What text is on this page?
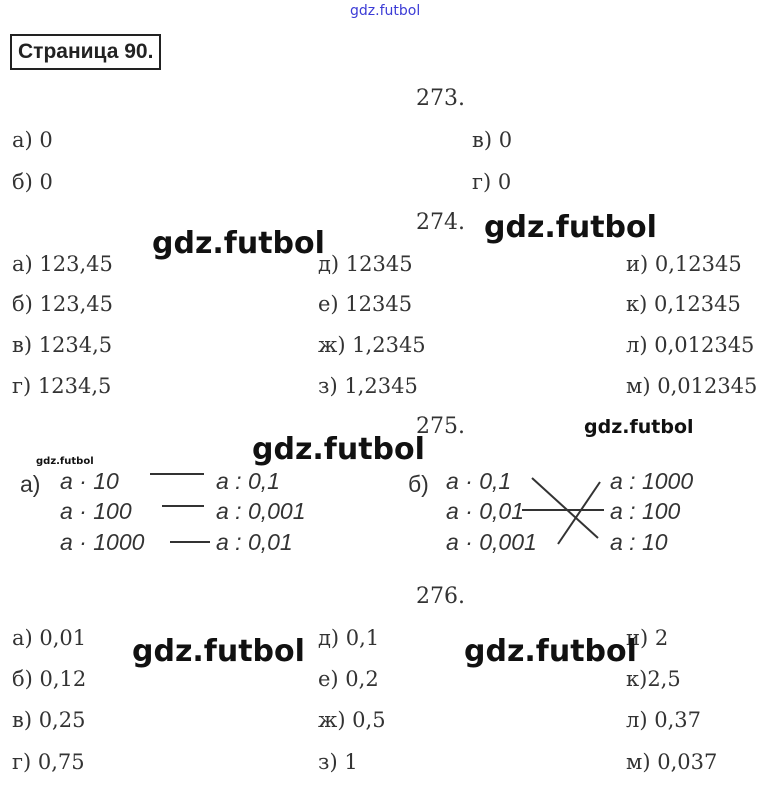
gdz.futbol
Страница 90.
273.
а) 0
б) 0
в) 0
г) 0
274.
а) 123,45
б) 123,45
в) 1234,5
г) 1234,5
д) 12345
е) 12345
ж) 1,2345
з) 1,2345
и) 0,12345
к) 0,12345
л) 0,012345
м) 0,012345
275.
а) a · 10
a · 100
a · 1000
a : 0,1
a : 0,001
a : 0,01
б) a · 0,1
a · 0,01
a · 0,001
a : 1000
a : 100
a : 10
276.
а) 0,01
б) 0,12
в) 0,25
г) 0,75
д) 0,1
е) 0,2
ж) 0,5
з) 1
и) 2
к)2,5
л) 0,37
м) 0,037
gdz.futbol	gdz.futbol
gdz.futbol
gdz.futbol
gdz.futbol
gdz.futbol	gdz.futbol
